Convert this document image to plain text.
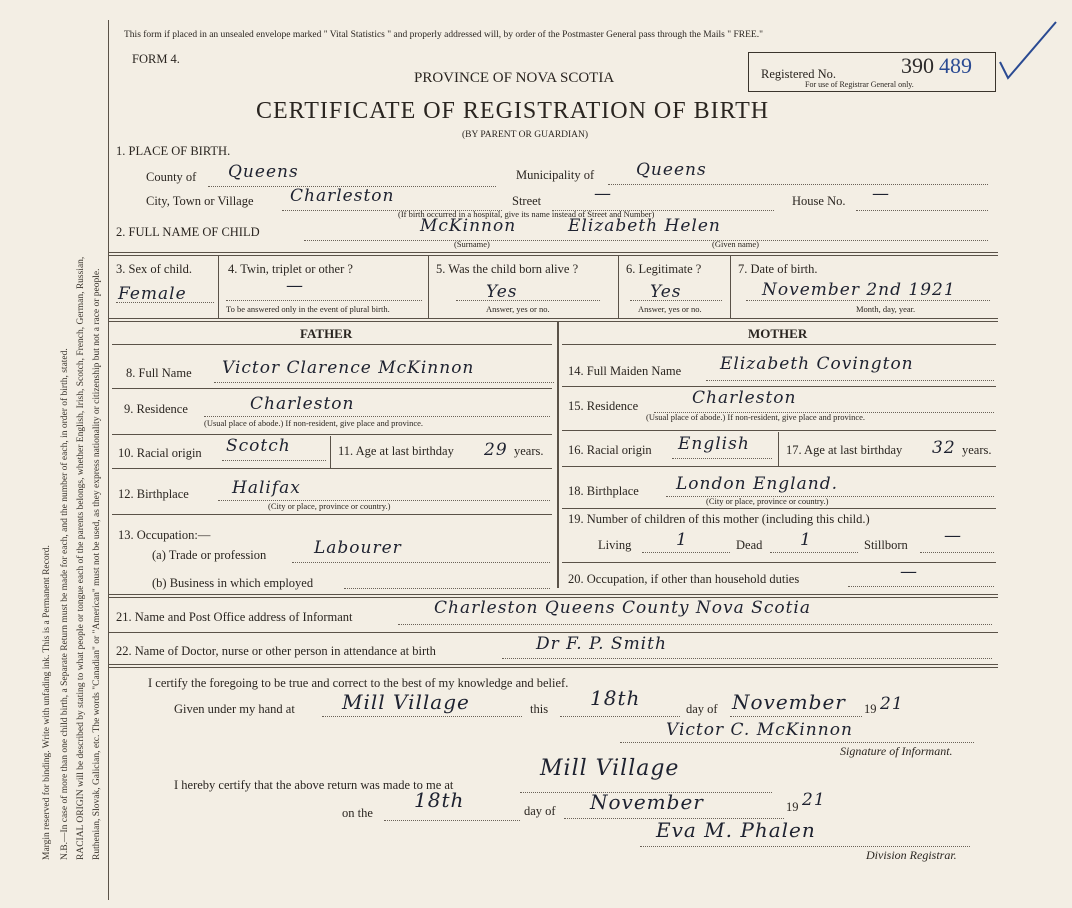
Margin reserved for binding. Write with unfading ink. This is a Permanent Record. N.B.—In case of more than one child birth, a Separate Return must be made for each, and the number of each, in order of birth, stated. RACIAL ORIGIN will be described by stating to what people or tongue each of the parents belongs, whether English, Irish, Scotch, French, German, Russian, Ruthenian, Slovak, Galician, etc. The words "Canadian" or "American" must not be used, as they express nationality or citizenship but not a race or people.
This form if placed in an unsealed envelope marked " Vital Statistics " and properly addressed will, by order of the Postmaster General pass through the Mails " FREE."
FORM 4.
PROVINCE OF NOVA SCOTIA
CERTIFICATE OF REGISTRATION OF BIRTH
(BY PARENT OR GUARDIAN)
Registered No.	390 489
For use of Registrar General only.
1. PLACE OF BIRTH.
County of Queens	Municipality of Queens
City, Town or Village Charleston	Street	—	House No. —
(If birth occurred in a hospital, give its name instead of Street and Number)
2. FULL NAME OF CHILD	McKinnon	Elizabeth Helen
(Surname)	(Given name)
3. Sex of child.
Female
4. Twin, triplet or other ?
—
To be answered only in the event of plural birth.
5. Was the child born alive ?
Yes
Answer, yes or no.
6. Legitimate ?
Yes
Answer, yes or no.
7. Date of birth.
November 2nd 1921
Month, day, year.
FATHER
8. Full Name Victor Clarence McKinnon
9. Residence	Charleston
(Usual place of abode.) If non-resident, give place and province.
10. Racial origin Scotch	11. Age at last birthday 29 years.
12. Birthplace	Halifax
(City or place, province or country.)
13. Occupation:—
(a) Trade or profession	Labourer
(b) Business in which employed
MOTHER
14. Full Maiden Name Elizabeth Covington
15. Residence	Charleston
(Usual place of abode.) If non-resident, give place and province.
16. Racial origin English	17. Age at last birthday 32 years.
18. Birthplace London England.
(City or place, province or country.)
19. Number of children of this mother (including this child.)
Living	1	Dead 1	Stillborn —
20. Occupation, if other than household duties	—
21. Name and Post Office address of Informant	Charleston Queens County Nova Scotia
22. Name of Doctor, nurse or other person in attendance at birth	Dr F. P. Smith
I certify the foregoing to be true and correct to the best of my knowledge and belief.
Given under my hand at Mill Village	this 18th	day of November 19 21
Victor C. McKinnon
Signature of Informant.
I hereby certify that the above return was made to me at
Mill Village
on the
18th	day of November	19 21
Eva M. Phalen
Division Registrar.
